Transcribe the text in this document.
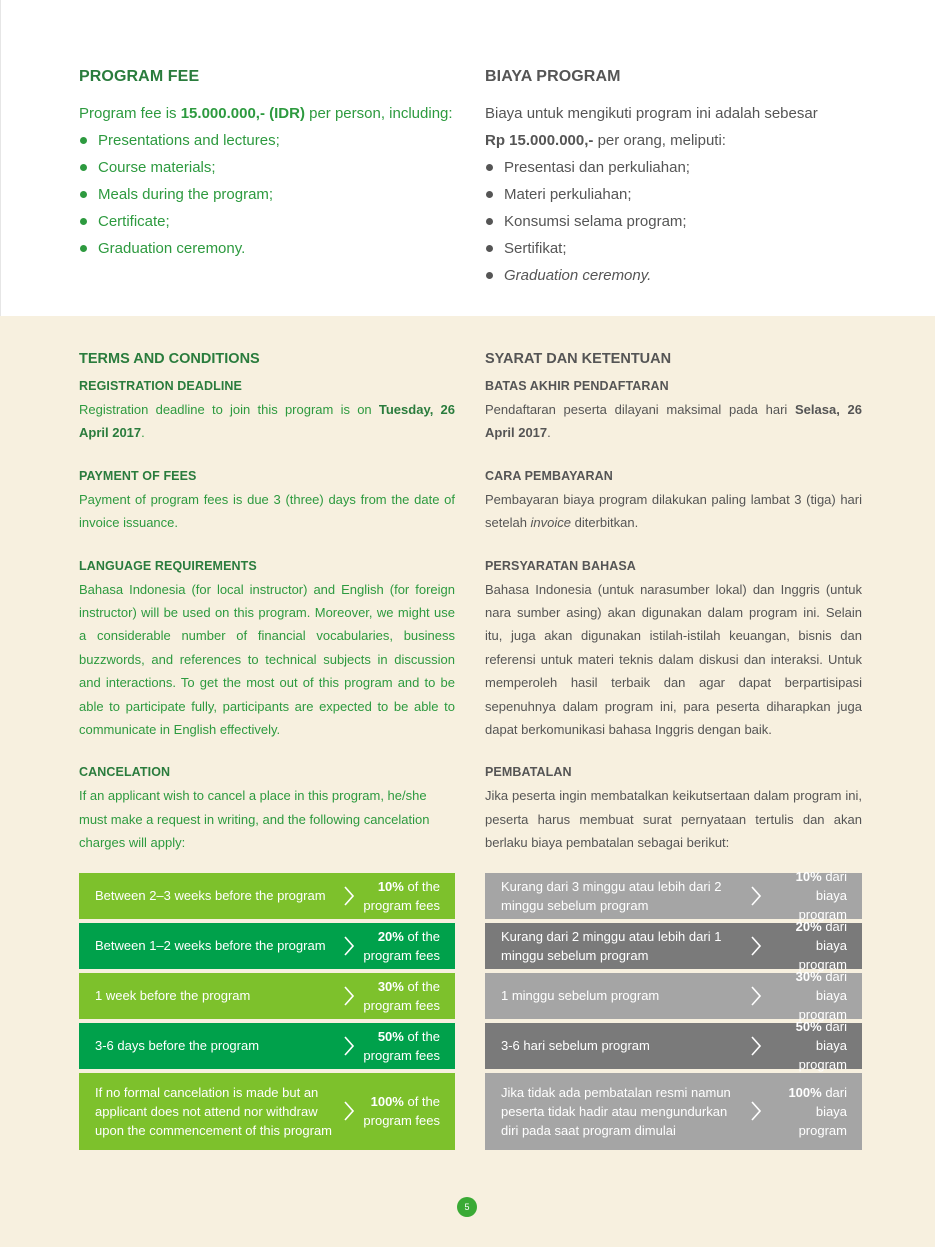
PROGRAM FEE

Program fee is 15.000.000,- (IDR) per person, including:

Presentations and lectures;
Course materials;
Meals during the program;
Certificate;
Graduation ceremony.
BIAYA PROGRAM

Biaya untuk mengikuti program ini adalah sebesar
Rp 15.000.000,- per orang, meliputi:

Presentasi dan perkuliahan;
Materi perkuliahan;
Konsumsi selama program;
Sertifikat;
Graduation ceremony.
TERMS AND CONDITIONS
REGISTRATION DEADLINE

Registration deadline to join this program is on Tuesday, 26 April 2017.

PAYMENT OF FEES

Payment of program fees is due 3 (three) days from the date of invoice issuance.

LANGUAGE REQUIREMENTS

Bahasa Indonesia (for local instructor) and English (for foreign instructor) will be used on this program. Moreover, we might use a considerable number of financial vocabularies, business buzzwords, and references to technical subjects in discussion and interactions. To get the most out of this program and to be able to participate fully, participants are expected to be able to communicate in English effectively.

CANCELATION

If an applicant wish to cancel a place in this program, he/she must make a request in writing, and the following cancelation charges will apply:

Between 2–3 weeks before the program
10% of the
program fees
Between 1–2 weeks before the program
20% of the
program fees
1 week before the program
30% of the
program fees
3-6 days before the program
50% of the
program fees
If no formal cancelation is made but an applicant does not attend nor withdraw upon the commencement of this program
100% of the
program fees
SYARAT DAN KETENTUAN
BATAS AKHIR PENDAFTARAN

Pendaftaran peserta dilayani maksimal pada hari Selasa, 26 April 2017.

CARA PEMBAYARAN

Pembayaran biaya program dilakukan paling lambat 3 (tiga) hari setelah invoice diterbitkan.

PERSYARATAN BAHASA

Bahasa Indonesia (untuk narasumber lokal) dan Inggris (untuk nara sumber asing) akan digunakan dalam program ini. Selain itu, juga akan digunakan istilah-istilah keuangan, bisnis dan referensi untuk materi teknis dalam diskusi dan interaksi. Untuk memperoleh hasil terbaik dan agar dapat berpartisipasi sepenuhnya dalam program ini, para peserta diharapkan juga dapat berkomunikasi bahasa Inggris dengan baik.

PEMBATALAN

Jika peserta ingin membatalkan keikutsertaan dalam program ini, peserta harus membuat surat pernyataan tertulis dan akan berlaku biaya pembatalan sebagai berikut:

Kurang dari 3 minggu atau lebih dari 2 minggu sebelum program
10% dari
biaya program
Kurang dari 2 minggu atau lebih dari 1 minggu sebelum program
20% dari
biaya program
1 minggu sebelum program
30% dari
biaya program
3-6 hari sebelum program
50% dari
biaya program
Jika tidak ada pembatalan resmi namun peserta tidak hadir atau mengundurkan diri pada saat program dimulai
100% dari
biaya program
5
